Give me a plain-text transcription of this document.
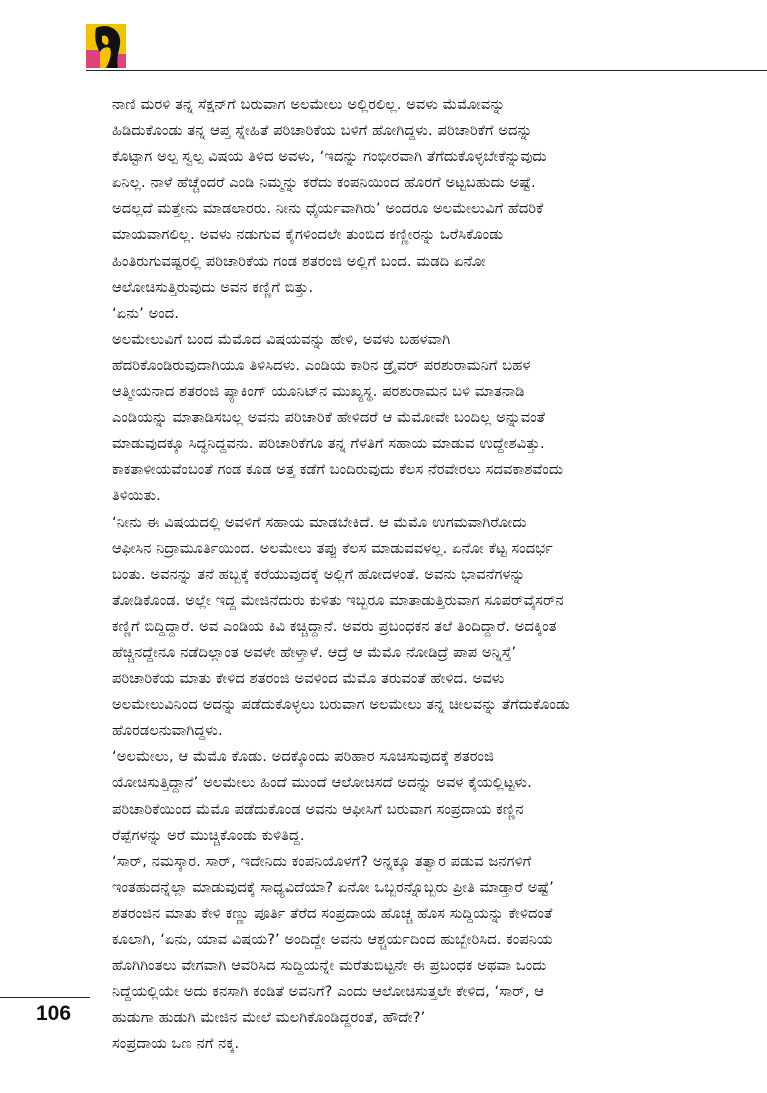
ನಾಣಿ ಮರಳಿ ತನ್ನ ಸೆಕ್ಷನ್‌ಗೆ ಬರುವಾಗ ಅಲಮೇಲು ಅಲ್ಲಿರಲಿಲ್ಲ. ಅವಳು ಮೆಮೋವನ್ನು
ಹಿಡಿದುಕೊಂಡು ತನ್ನ ಆಪ್ತ ಸ್ನೇಹಿತೆ ಪರಿಚಾರಿಕೆಯ ಬಳಿಗೆ ಹೋಗಿದ್ದಳು. ಪರಿಚಾರಿಕೆಗೆ ಅದನ್ನು
ಕೊಟ್ಟಾಗ ಅಲ್ಪ ಸ್ವಲ್ಪ ವಿಷಯ ತಿಳಿದ ಅವಳು, ‘ಇದನ್ನು ಗಂಭೀರವಾಗಿ ತೆಗೆದುಕೊಳ್ಳಬೇಕೆನ್ನುವುದು
ಏನಿಲ್ಲ. ನಾಳೆ ಹೆಚ್ಚೆಂದರೆ ಎಂಡಿ ನಿಮ್ಮನ್ನು ಕರೆದು ಕಂಪನಿಯಿಂದ ಹೊರಗೆ ಅಟ್ಟಬಹುದು ಅಷ್ಟೆ.
ಅದಲ್ಲದೆ ಮತ್ತೇನು ಮಾಡಲಾರರು. ನೀನು ಧೈರ್ಯವಾಗಿರು’ ಅಂದರೂ ಅಲಮೇಲುವಿಗೆ ಹೆದರಿಕೆ
ಮಾಯವಾಗಲಿಲ್ಲ. ಅವಳು ನಡುಗುವ ಕೈಗಳಿಂದಲೇ ತುಂಬಿದ ಕಣ್ಣೀರನ್ನು ಒರೆಸಿಕೊಂಡು
ಹಿಂತಿರುಗುವಷ್ಟರಲ್ಲಿ ಪರಿಚಾರಿಕೆಯ ಗಂಡ ಶತರಂಜಿ ಅಲ್ಲಿಗೆ ಬಂದ. ಮಡದಿ ಏನೋ
ಆಲೋಚಿಸುತ್ತಿರುವುದು ಅವನ ಕಣ್ಣಿಗೆ ಬಿತ್ತು.
‘ಏನು’ ಅಂದ.
ಅಲಮೇಲುವಿಗೆ ಬಂದ ಮೆಮೊದ ವಿಷಯವನ್ನು ಹೇಳಿ, ಅವಳು ಬಹಳವಾಗಿ
ಹೆದರಿಕೊಂಡಿರುವುದಾಗಿಯೂ ತಿಳಿಸಿದಳು. ಎಂಡಿಯ ಕಾರಿನ ಡ್ರೈವರ್ ಪರಶುರಾಮನಿಗೆ ಬಹಳ
ಆತ್ಮೀಯನಾದ ಶತರಂಜಿ ಪ್ಯಾಕಿಂಗ್ ಯೂನಿಟ್‌ನ ಮುಖ್ಯಸ್ಥ. ಪರಶುರಾಮನ ಬಳಿ ಮಾತನಾಡಿ
ಎಂಡಿಯನ್ನು ಮಾತಾಡಿಸಬಲ್ಲ ಅವನು ಪರಿಚಾರಿಕೆ ಹೇಳಿದರೆ ಆ ಮೆಮೋವೇ ಬಂದಿಲ್ಲ ಅನ್ನುವಂತೆ
ಮಾಡುವುದಕ್ಕೂ ಸಿದ್ಧನಿದ್ದವನು. ಪರಿಚಾರಿಕೆಗೂ ತನ್ನ ಗೆಳತಿಗೆ ಸಹಾಯ ಮಾಡುವ ಉದ್ದೇಶವಿತ್ತು.
ಕಾಕತಾಳೀಯವೆಂಬಂತೆ ಗಂಡ ಕೂಡ ಅತ್ತ ಕಡೆಗೆ ಬಂದಿರುವುದು ಕೆಲಸ ನೆರವೇರಲು ಸದವಕಾಶವೆಂದು
ತಿಳಿಯಿತು.
‘ನೀನು ಈ ವಿಷಯದಲ್ಲಿ ಅವಳಿಗೆ ಸಹಾಯ ಮಾಡಬೇಕಿದೆ. ಆ ಮೆಮೊ ಉಗಮವಾಗಿರೋದು
ಆಫೀಸಿನ ನಿದ್ರಾಮೂರ್ತಿಯಿಂದ. ಅಲಮೇಲು ತಪ್ಪು ಕೆಲಸ ಮಾಡುವವಳಲ್ಲ. ಏನೋ ಕೆಟ್ಟ ಸಂದರ್ಭ
ಬಂತು. ಅವನನ್ನು ತನೆ ಹಬ್ಬಕ್ಕೆ ಕರೆಯುವುದಕ್ಕೆ ಅಲ್ಲಿಗೆ ಹೋದಳಂತೆ. ಅವನು ಭಾವನೆಗಳನ್ನು
ತೋಡಿಕೊಂಡ. ಅಲ್ಲೇ ಇದ್ದ ಮೇಜಿನೆದುರು ಕುಳಿತು ಇಬ್ಬರೂ ಮಾತಾಡುತ್ತಿರುವಾಗ ಸೂಪರ್‌ವೈಸರ್‌ನ
ಕಣ್ಣಿಗೆ ಬಿದ್ದಿದ್ದಾರೆ. ಅವ ಎಂಡಿಯ ಕಿವಿ ಕಚ್ಚಿದ್ದಾನೆ. ಅವರು ಪ್ರಬಂಧಕನ ತಲೆ ತಿಂದಿದ್ದಾರೆ. ಅದಕ್ಕಿಂತ
ಹೆಚ್ಚಿನದ್ದೇನೂ ನಡೆದಿಲ್ಲಾಂತ ಅವಳೇ ಹೇಳ್ತಾಳೆ. ಆದ್ರೆ ಆ ಮೆಮೊ ನೋಡಿದ್ರೆ ಪಾಪ ಅನ್ನಿಸ್ತೆ’
ಪರಿಚಾರಿಕೆಯ ಮಾತು ಕೇಳಿದ ಶತರಂಜಿ ಅವಳಿಂದ ಮೆಮೊ ತರುವಂತೆ ಹೇಳಿದ. ಅವಳು
ಅಲಮೇಲುವಿನಿಂದ ಅದನ್ನು ಪಡೆದುಕೊಳ್ಳಲು ಬರುವಾಗ ಅಲಮೇಲು ತನ್ನ ಚೀಲವನ್ನು ತೆಗೆದುಕೊಂಡು
ಹೊರಡಲನುವಾಗಿದ್ದಳು.
‘ಅಲಮೇಲು, ಆ ಮೆಮೊ ಕೊಡು. ಅದಕ್ಕೊಂದು ಪರಿಹಾರ ಸೂಚಿಸುವುದಕ್ಕೆ ಶತರಂಜಿ
ಯೋಚಿಸುತ್ತಿದ್ದಾನೆ’ ಅಲಮೇಲು ಹಿಂದೆ ಮುಂದೆ ಆಲೋಚಿಸದೆ ಅದನ್ನು ಅವಳ ಕೈಯಲ್ಲಿಟ್ಟಳು.
ಪರಿಚಾರಿಕೆಯಿಂದ ಮೆಮೊ ಪಡೆದುಕೊಂಡ ಅವನು ಆಫೀಸಿಗೆ ಬರುವಾಗ ಸಂಪ್ರದಾಯ ಕಣ್ಣಿನ
ರೆಪ್ಪೆಗಳನ್ನು ಅರೆ ಮುಚ್ಚಿಕೊಂಡು ಕುಳಿತಿದ್ದ.
‘ಸಾರ್, ನಮಸ್ಕಾರ. ಸಾರ್, ಇದೇನಿದು ಕಂಪನಿಯೊಳಗೆ? ಅನ್ನಕ್ಕೂ ತತ್ವಾರ ಪಡುವ ಜನಗಳಿಗೆ
ಇಂತಹುದನ್ನೆಲ್ಲಾ ಮಾಡುವುದಕ್ಕೆ ಸಾಧ್ಯವಿದೆಯಾ? ಏನೋ ಒಬ್ಬರನ್ನೊಬ್ಬರು ಪ್ರೀತಿ ಮಾಡ್ತಾರೆ ಅಷ್ಟೆ’
ಶತರಂಜಿನ ಮಾತು ಕೇಳಿ ಕಣ್ಣು ಪೂರ್ತಿ ತೆರೆದ ಸಂಪ್ರದಾಯ ಹೊಚ್ಚ ಹೊಸ ಸುದ್ದಿಯನ್ನು ಕೇಳಿದಂತೆ
ಕೂಲಾಗಿ, ‘ಏನು, ಯಾವ ವಿಷಯ?’ ಅಂದಿದ್ದೇ ಅವನು ಆಶ್ಚರ್ಯದಿಂದ ಹುಬ್ಬೇರಿಸಿದ. ಕಂಪನಿಯ
ಹೊಗಿಗಿಂತಲು ವೇಗವಾಗಿ ಆವರಿಸಿದ ಸುದ್ದಿಯನ್ನೇ ಮರೆತುಬಿಟ್ಟನೇ ಈ ಪ್ರಬಂಧಕ ಅಥವಾ ಒಂದು
ನಿದ್ದೆಯಲ್ಲಿಯೇ ಅದು ಕನಸಾಗಿ ಕಂಡಿತೆ ಅವನಿಗೆ? ಎಂದು ಆಲೋಚಿಸುತ್ತಲೇ ಕೇಳಿದ, ‘ಸಾರ್, ಆ
ಹುಡುಗಾ ಹುಡುಗಿ ಮೇಜಿನ ಮೇಲೆ ಮಲಗಿಕೊಂಡಿದ್ದರಂತೆ, ಹೌದೇ?’
ಸಂಪ್ರದಾಯ ಒಣ ನಗೆ ನಕ್ಕ.
106
